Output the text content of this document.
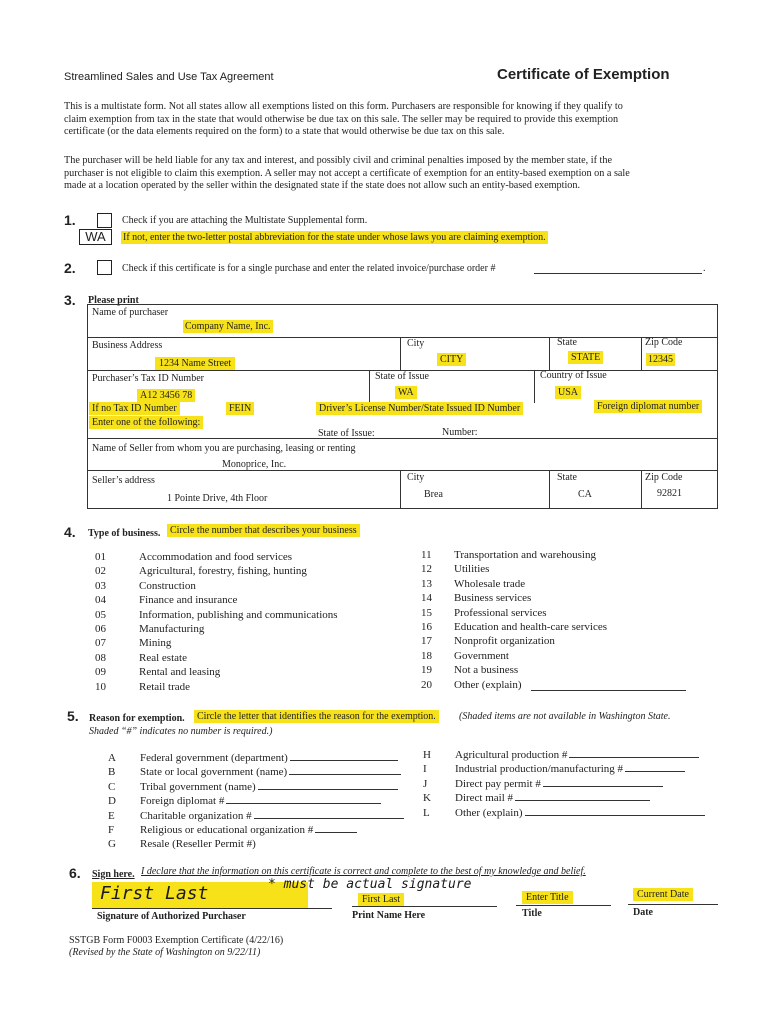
Streamlined Sales and Use Tax Agreement	Certificate of Exemption
This is a multistate form. Not all states allow all exemptions listed on this form. Purchasers are responsible for knowing if they qualify to
claim exemption from tax in the state that would otherwise be due tax on this sale. The seller may be required to provide this exemption
certificate (or the data elements required on the form) to a state that would otherwise be due tax on this sale.
The purchaser will be held liable for any tax and interest, and possibly civil and criminal penalties imposed by the member state, if the
purchaser is not eligible to claim this exemption. A seller may not accept a certificate of exemption for an entity-based exemption on a sale
made at a location operated by the seller within the designated state if the state does not allow such an entity-based exemption.
1.	Check if you are attaching the Multistate Supplemental form.
WA	If not, enter the two-letter postal abbreviation for the state under whose laws you are claiming exemption.
2.	Check if this certificate is for a single purchase and enter the related invoice/purchase order #	.
3. Please print
Name of purchaser
Company Name, Inc.
Business Address
1234 Name Street
City
CITY
State
STATE
Zip Code
12345
Purchaser’s Tax ID Number
A12 3456 78
State of Issue
WA
Country of Issue
USA
If no Tax ID Number	FEIN	Driver’s License Number/State Issued ID Number	Foreign diplomat number
Enter one of the following:
State of Issue:	Number:
Name of Seller from whom you are purchasing, leasing or renting
Monoprice, Inc.
Seller’s address
1 Pointe Drive, 4th Floor
City
Brea
State
CA
Zip Code
92821
4. Type of business. Circle the number that describes your business
01	Accommodation and food services
02	Agricultural, forestry, fishing, hunting
03	Construction
04	Finance and insurance
05	Information, publishing and communications
06	Manufacturing
07	Mining
08	Real estate
09	Rental and leasing
10	Retail trade
11 Transportation and warehousing
12 Utilities
13 Wholesale trade
14 Business services
15 Professional services
16 Education and health-care services
17 Nonprofit organization
18 Government
19 Not a business
20 Other (explain)
5. Reason for exemption.	Circle the letter that identifies the reason for the exemption.	(Shaded items are not available in Washington State.
Shaded “#” indicates no number is required.)
A Federal government (department)
B State or local government (name)
C Tribal government (name)
D Foreign diplomat #
E Charitable organization #
F Religious or educational organization #
G Resale (Reseller Permit #)
H Agricultural production #
I	Industrial production/manufacturing #
J	Direct pay permit #
K Direct mail #
L Other (explain)
6. Sign here. I declare that the information on this certificate is correct and complete to the best of my knowledge and belief.
First Last	* must be actual signature
First Last	Enter Title	Current Date
Signature of Authorized Purchaser	Print Name Here	Title	Date
SSTGB Form F0003 Exemption Certificate (4/22/16)
(Revised by the State of Washington on 9/22/11)
